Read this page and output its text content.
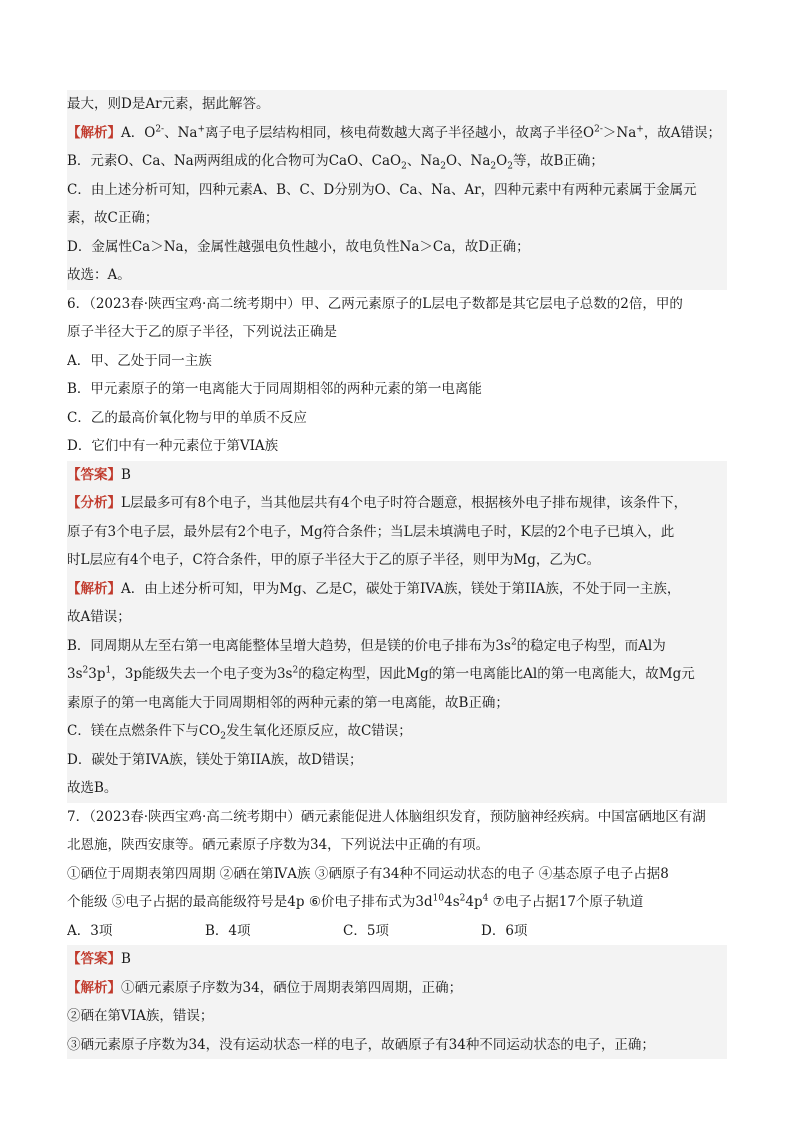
最大，则D是Ar元素，据此解答。
【解析】A．$O^{2-}$、Na+离子电子层结构相同，核电荷数越大离子半径越小，故离子半径$O^{2-}>Na^+$，故A错误；
B．元素O、Ca、Na两两组成的化合物可为CaO、CaO$_2$、$Na_2O$、$Na_2O_2$等，故B正确；
C．由上述分析可知，四种元素A、B、C、D分别为O、Ca、Na、Ar，四种元素中有两种元素属于金属元
素，故C正确；
D．金属性Ca＞Na，金属性越强电负性越小，故电负性Na＞Ca，故D正确；
故选：A。
6．（2023春·陕西宝鸡·高二统考期中）甲、乙两元素原子的L层电子数都是其它层电子总数的2倍，甲的
原子半径大于乙的原子半径，下列说法正确是
A．甲、乙处于同一主族
B．甲元素原子的第一电离能大于同周期相邻的两种元素的第一电离能
C．乙的最高价氧化物与甲的单质不反应
D．它们中有一种元素位于第VIA族
【答案】B
【分析】L层最多可有8个电子，当其他层共有4个电子时符合题意，根据核外电子排布规律，该条件下，
原子有3个电子层，最外层有2个电子，Mg符合条件；当L层未填满电子时，K层的2个电子已填入，此
时L层应有4个电子，C符合条件，甲的原子半径大于乙的原子半径，则甲为Mg，乙为C。
【解析】A．由上述分析可知，甲为Mg、乙是C，碳处于第IVA族，镁处于第IIA族，不处于同一主族，
故A错误；
B．同周期从左至右第一电离能整体呈增大趋势，但是镁的价电子排布为$3s^2$的稳定电子构型，而Al为
$3s^23p^1$，3p能级失去一个电子变为$3s^2$的稳定构型，因此Mg的第一电离能比Al的第一电离能大，故Mg元
素原子的第一电离能大于同周期相邻的两种元素的第一电离能，故B正确；
C．镁在点燃条件下与$CO_2$发生氧化还原反应，故C错误；
D．碳处于第IVA族，镁处于第IIA族，故D错误；
故选B。
7．（2023春·陕西宝鸡·高二统考期中）硒元素能促进人体脑组织发育，预防脑神经疾病。中国富硒地区有湖
北恩施，陕西安康等。硒元素原子序数为34，下列说法中正确的有项。
①硒位于周期表第四周期 ②硒在第ⅣA族 ③硒原子有34种不同运动状态的电子 ④基态原子电子占据8
个能级 ⑤电子占据的最高能级符号是4p ⑥价电子排布式为$3d^{10}4s^24p^4$ ⑦电子占据17个原子轨道
A．3项	B．4项	C．5项	D．6项
【答案】B
【解析】①硒元素原子序数为34，硒位于周期表第四周期，正确；
②硒在第VIA族，错误；
③硒元素原子序数为34，没有运动状态一样的电子，故硒原子有34种不同运动状态的电子，正确；
